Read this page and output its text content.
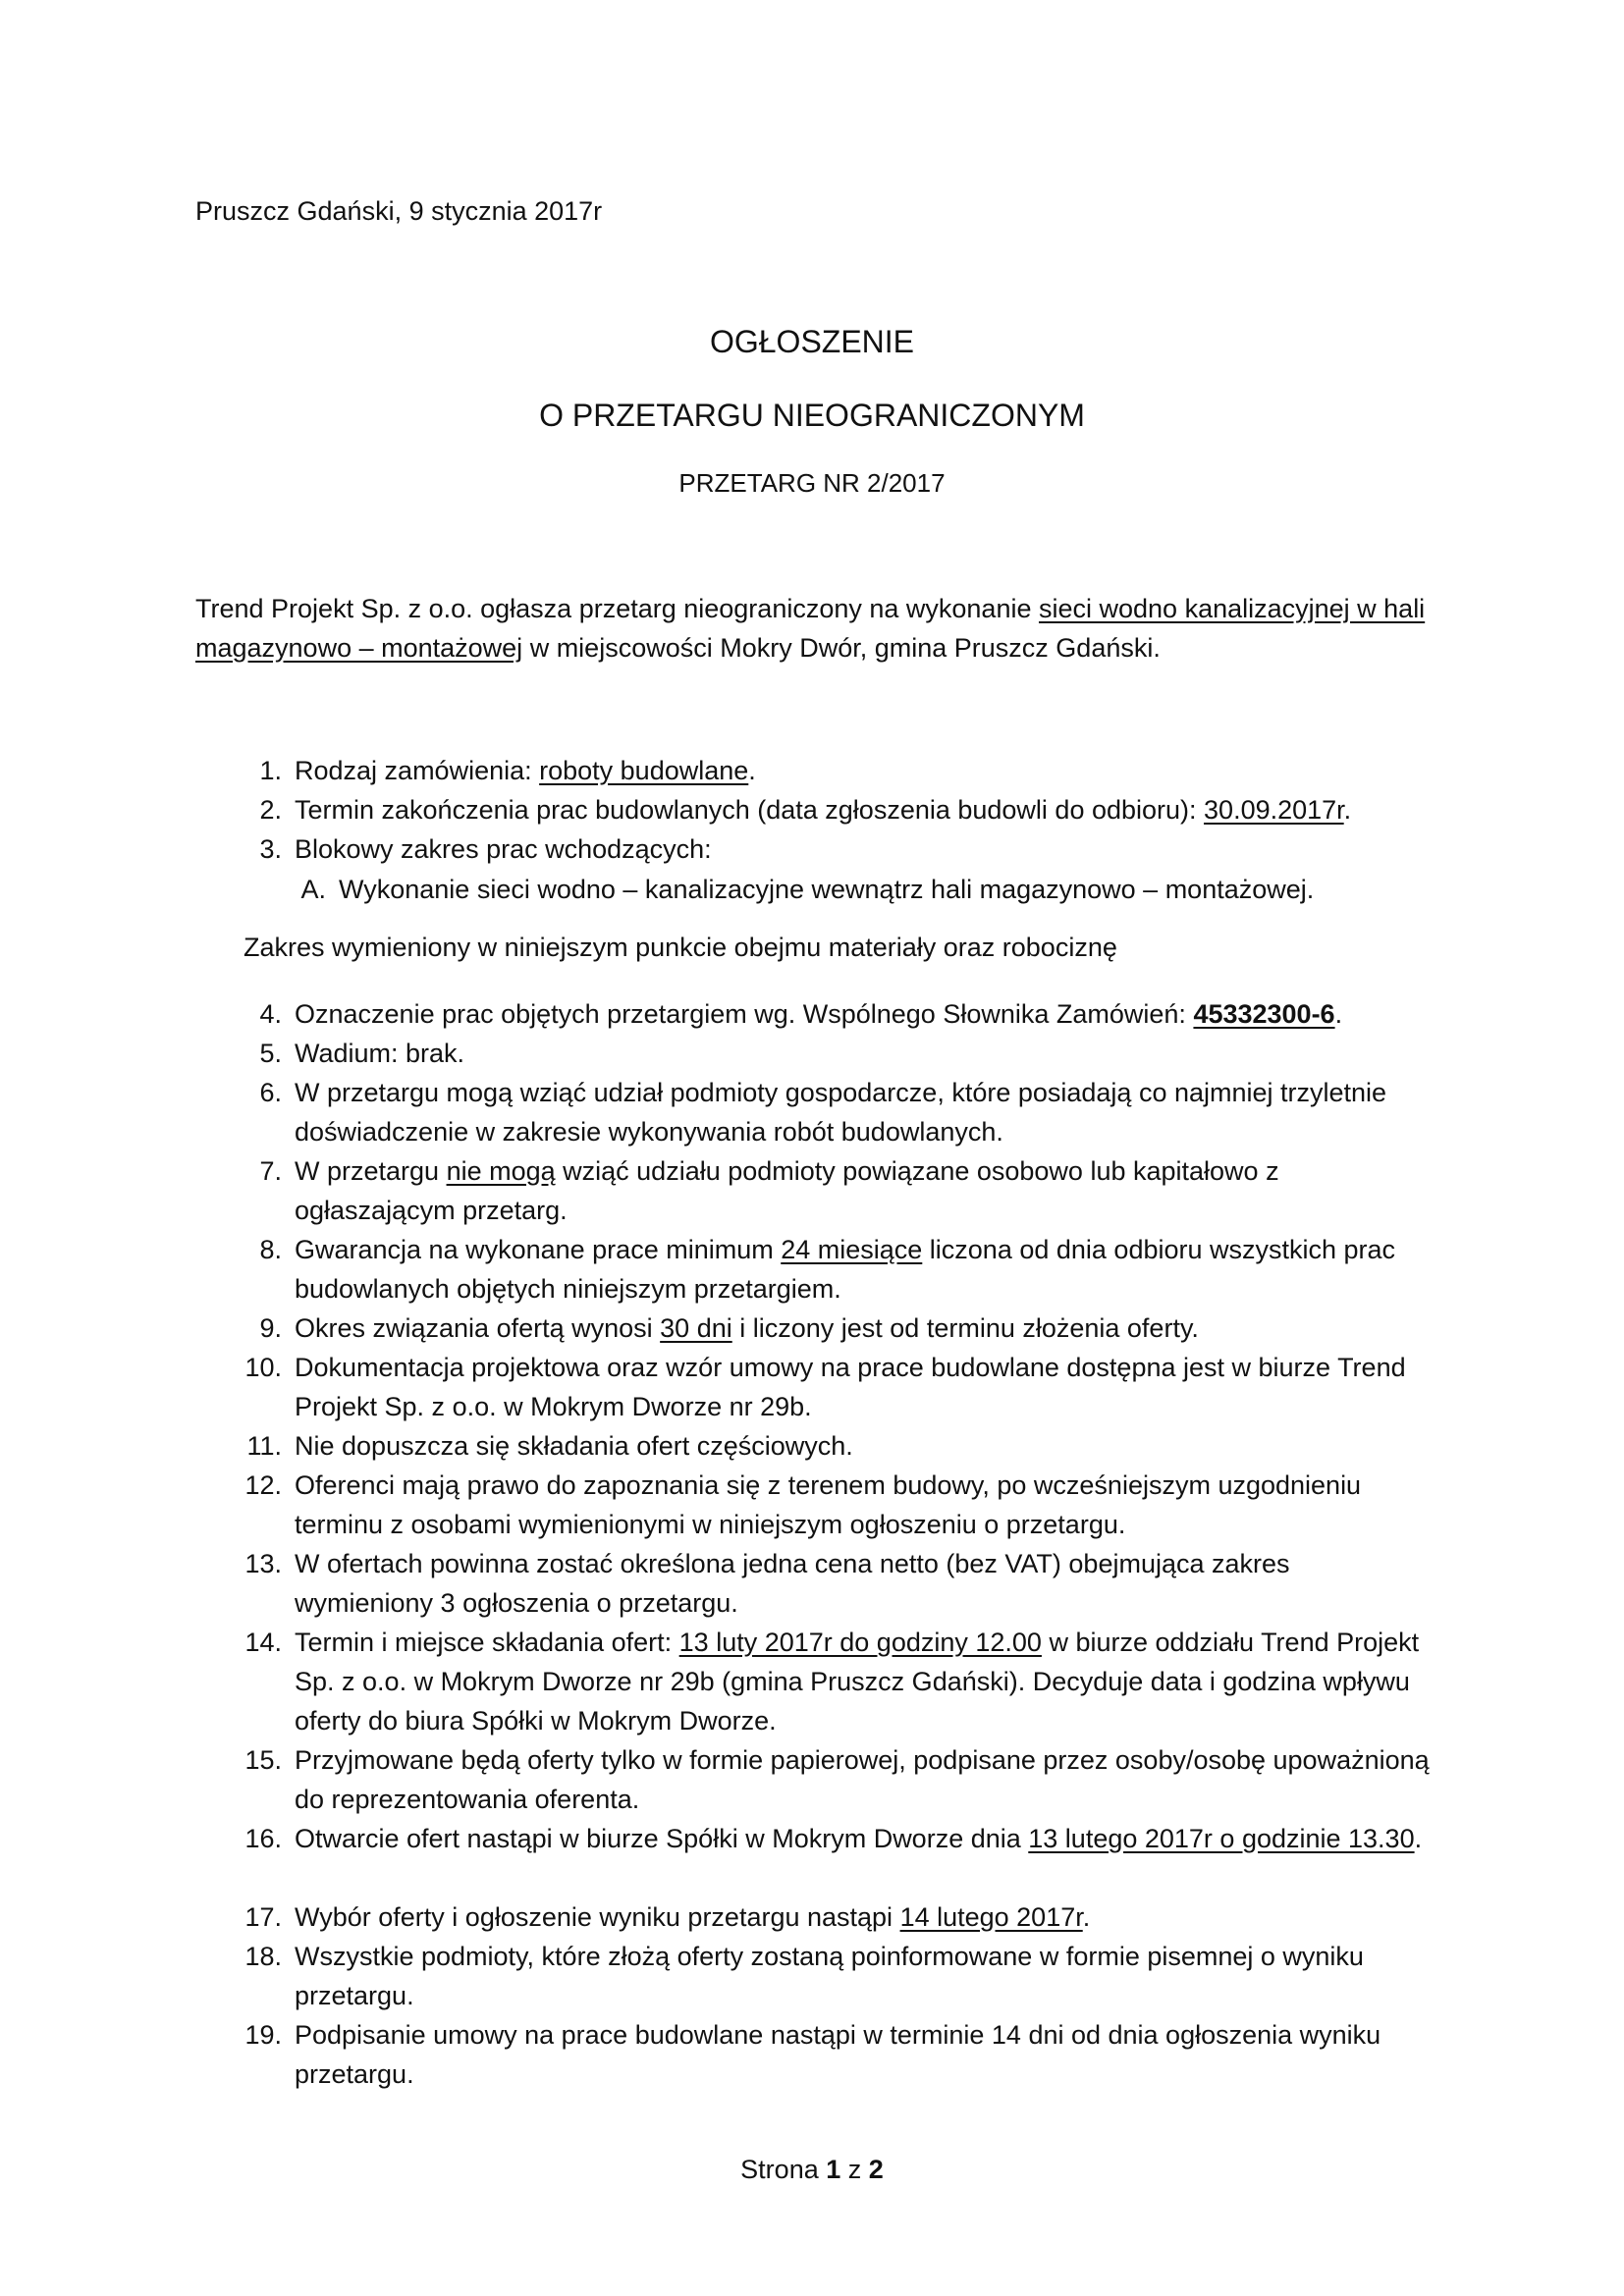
Pruszcz Gdański, 9 stycznia 2017r
OGŁOSZENIE
O PRZETARGU NIEOGRANICZONYM
PRZETARG NR 2/2017
Trend Projekt Sp. z o.o. ogłasza przetarg nieograniczony na wykonanie sieci wodno kanalizacyjnej w hali magazynowo – montażowej w miejscowości Mokry Dwór, gmina Pruszcz Gdański.
1. Rodzaj zamówienia: roboty budowlane.
2. Termin zakończenia prac budowlanych (data zgłoszenia budowli do odbioru): 30.09.2017r.
3. Blokowy zakres prac wchodzących:
A. Wykonanie sieci wodno – kanalizacyjne wewnątrz hali magazynowo – montażowej.
Zakres wymieniony w niniejszym punkcie obejmu materiały oraz robociznę
4. Oznaczenie prac objętych przetargiem wg. Wspólnego Słownika Zamówień: 45332300-6.
5. Wadium: brak.
6. W przetargu mogą wziąć udział podmioty gospodarcze, które posiadają co najmniej trzyletnie doświadczenie w zakresie wykonywania robót budowlanych.
7. W przetargu nie mogą wziąć udziału podmioty powiązane osobowo lub kapitałowo z ogłaszającym przetarg.
8. Gwarancja na wykonane prace minimum 24 miesiące liczona od dnia odbioru wszystkich prac budowlanych objętych niniejszym przetargiem.
9. Okres związania ofertą wynosi 30 dni i liczony jest od terminu złożenia oferty.
10. Dokumentacja projektowa oraz wzór umowy na prace budowlane dostępna jest w biurze Trend Projekt Sp. z o.o. w Mokrym Dworze nr 29b.
11. Nie dopuszcza się składania ofert częściowych.
12. Oferenci mają prawo do zapoznania się z terenem budowy, po wcześniejszym uzgodnieniu terminu z osobami wymienionymi w niniejszym ogłoszeniu o przetargu.
13. W ofertach powinna zostać określona jedna cena netto (bez VAT) obejmująca zakres wymieniony 3 ogłoszenia o przetargu.
14. Termin i miejsce składania ofert: 13 luty 2017r do godziny 12.00 w biurze oddziału Trend Projekt Sp. z o.o. w Mokrym Dworze nr 29b (gmina Pruszcz Gdański). Decyduje data i godzina wpływu oferty do biura Spółki w Mokrym Dworze.
15. Przyjmowane będą oferty tylko w formie papierowej, podpisane przez osoby/osobę upoważnioną do reprezentowania oferenta.
16. Otwarcie ofert nastąpi w biurze Spółki w Mokrym Dworze dnia 13 lutego 2017r o godzinie 13.30.
17. Wybór oferty i ogłoszenie wyniku przetargu nastąpi 14 lutego 2017r.
18. Wszystkie podmioty, które złożą oferty zostaną poinformowane w formie pisemnej o wyniku przetargu.
19. Podpisanie umowy na prace budowlane nastąpi w terminie 14 dni od dnia ogłoszenia wyniku przetargu.
Strona 1 z 2
